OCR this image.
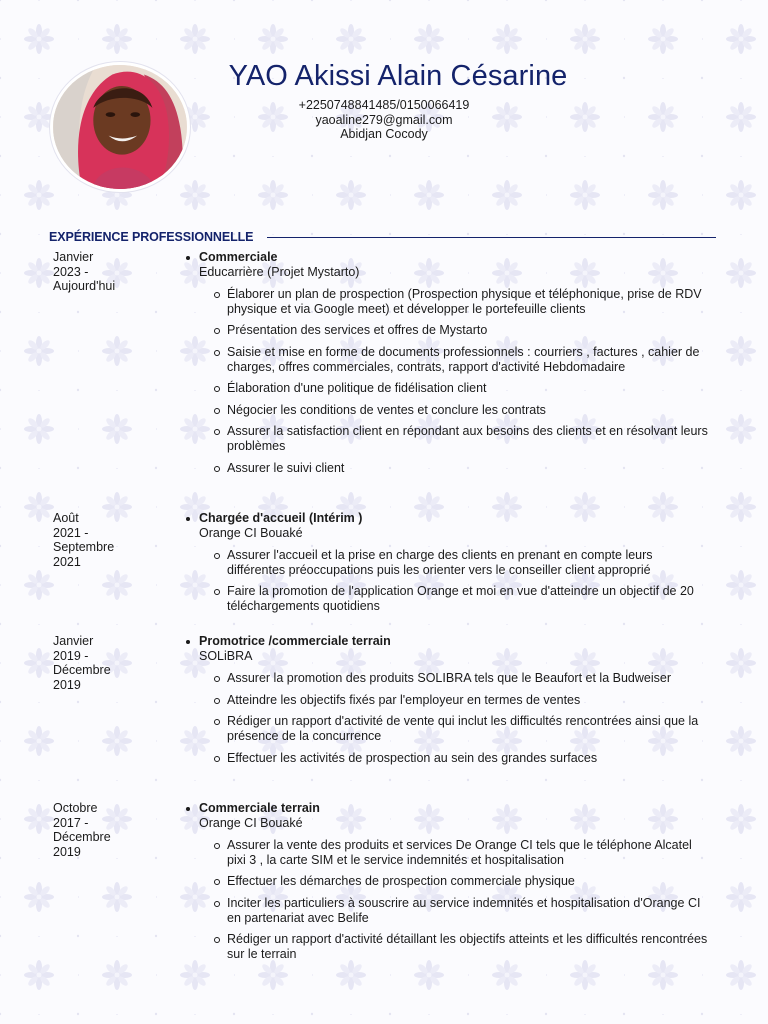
YAO Akissi Alain Césarine
+2250748841485/0150066419
yaoaline279@gmail.com
Abidjan Cocody
EXPÉRIENCE PROFESSIONNELLE
Janvier
2023 -
Aujourd'hui
Commerciale
Educarrière (Projet Mystarto)
Élaborer un plan de prospection (Prospection physique et téléphonique, prise de RDV physique et via Google meet) et développer le portefeuille clients
Présentation des services et offres de Mystarto
Saisie et mise en forme de documents professionnels : courriers , factures , cahier de charges, offres commerciales, contrats, rapport d'activité Hebdomadaire
Élaboration d'une politique de fidélisation client
Négocier les conditions de ventes et conclure les contrats
Assurer la satisfaction client en répondant aux besoins des clients et en résolvant leurs problèmes
Assurer le suivi client
Août
2021 -
Septembre
2021
Chargée d'accueil (Intérim )
Orange CI Bouaké
Assurer l'accueil et la prise en charge des clients en prenant en compte leurs différentes préoccupations puis les orienter vers le conseiller client approprié
Faire la promotion de l'application Orange et moi en vue d'atteindre un objectif de 20 téléchargements quotidiens
Janvier
2019 -
Décembre
2019
Promotrice /commerciale terrain
SOLiBRA
Assurer la promotion des produits SOLIBRA tels que le Beaufort et la Budweiser
Atteindre les objectifs fixés par l'employeur en termes de ventes
Rédiger un rapport d'activité de vente qui inclut les difficultés rencontrées ainsi que la présence de la concurrence
Effectuer les activités de prospection au sein des grandes surfaces
Octobre
2017 -
Décembre
2019
Commerciale terrain
Orange CI Bouaké
Assurer la vente des produits et services De Orange CI tels que le téléphone Alcatel pixi 3 , la carte SIM et le service indemnités et hospitalisation
Effectuer les démarches de prospection commerciale physique
Inciter les particuliers à souscrire au service indemnités et hospitalisation d'Orange CI en partenariat avec Belife
Rédiger un rapport d'activité détaillant les objectifs atteints et les difficultés rencontrées sur le terrain
